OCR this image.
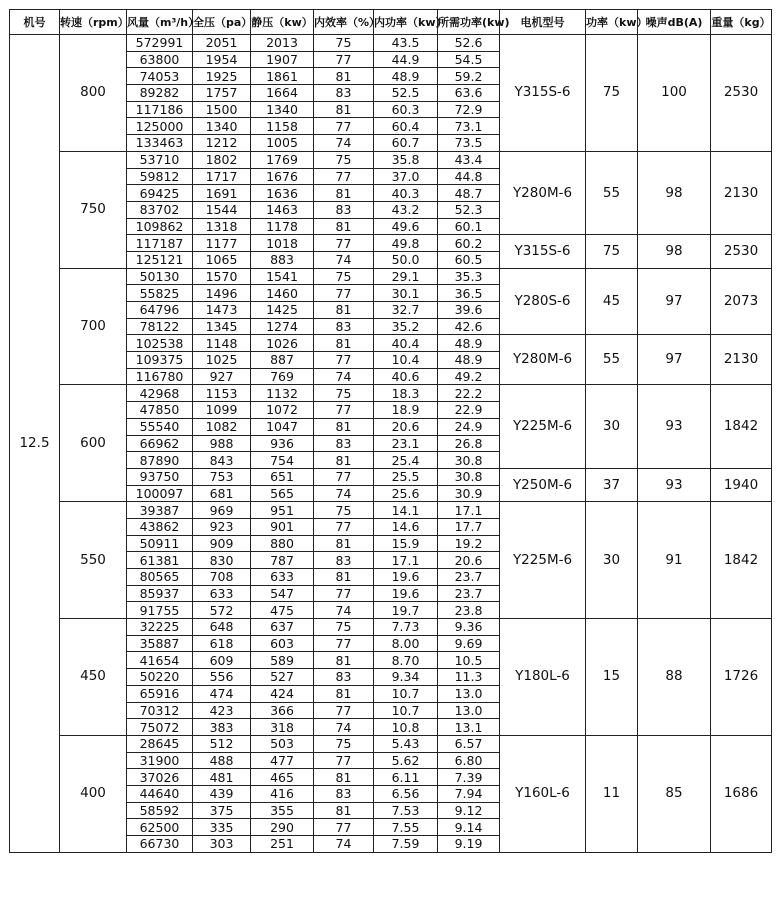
机号	转速（rpm）	风量（m³/h）	全压（pa）	静压（kw）	内效率（%）	内功率（kw）	所需功率(kw)	电机型号	功率（kw）	噪声dB(A)	重量（kg）
12.5	800	572991	2051	2013	75	43.5	52.6	Y315S-6	75	100	2530
		63800	1954	1907	77	44.9	54.5				
		74053	1925	1861	81	48.9	59.2				
		89282	1757	1664	83	52.5	63.6				
		117186	1500	1340	81	60.3	72.9				
		125000	1340	1158	77	60.4	73.1				
		133463	1212	1005	74	60.7	73.5				
	750	53710	1802	1769	75	35.8	43.4	Y280M-6	55	98	2130
		59812	1717	1676	77	37.0	44.8				
		69425	1691	1636	81	40.3	48.7				
		83702	1544	1463	83	43.2	52.3				
		109862	1318	1178	81	49.6	60.1				
		117187	1177	1018	77	49.8	60.2	Y315S-6	75	98	2530
		125121	1065	883	74	50.0	60.5				
	700	50130	1570	1541	75	29.1	35.3	Y280S-6	45	97	2073
		55825	1496	1460	77	30.1	36.5				
		64796	1473	1425	81	32.7	39.6				
		78122	1345	1274	83	35.2	42.6				
		102538	1148	1026	81	40.4	48.9	Y280M-6	55	97	2130
		109375	1025	887	77	10.4	48.9				
		116780	927	769	74	40.6	49.2				
	600	42968	1153	1132	75	18.3	22.2	Y225M-6	30	93	1842
		47850	1099	1072	77	18.9	22.9				
		55540	1082	1047	81	20.6	24.9				
		66962	988	936	83	23.1	26.8				
		87890	843	754	81	25.4	30.8				
		93750	753	651	77	25.5	30.8	Y250M-6	37	93	1940
		100097	681	565	74	25.6	30.9				
	550	39387	969	951	75	14.1	17.1	Y225M-6	30	91	1842
		43862	923	901	77	14.6	17.7				
		50911	909	880	81	15.9	19.2				
		61381	830	787	83	17.1	20.6				
		80565	708	633	81	19.6	23.7				
		85937	633	547	77	19.6	23.7				
		91755	572	475	74	19.7	23.8				
	450	32225	648	637	75	7.73	9.36	Y180L-6	15	88	1726
		35887	618	603	77	8.00	9.69				
		41654	609	589	81	8.70	10.5				
		50220	556	527	83	9.34	11.3				
		65916	474	424	81	10.7	13.0				
		70312	423	366	77	10.7	13.0				
		75072	383	318	74	10.8	13.1				
	400	28645	512	503	75	5.43	6.57	Y160L-6	11	85	1686
		31900	488	477	77	5.62	6.80				
		37026	481	465	81	6.11	7.39				
		44640	439	416	83	6.56	7.94				
		58592	375	355	81	7.53	9.12				
		62500	335	290	77	7.55	9.14				
		66730	303	251	74	7.59	9.19				
